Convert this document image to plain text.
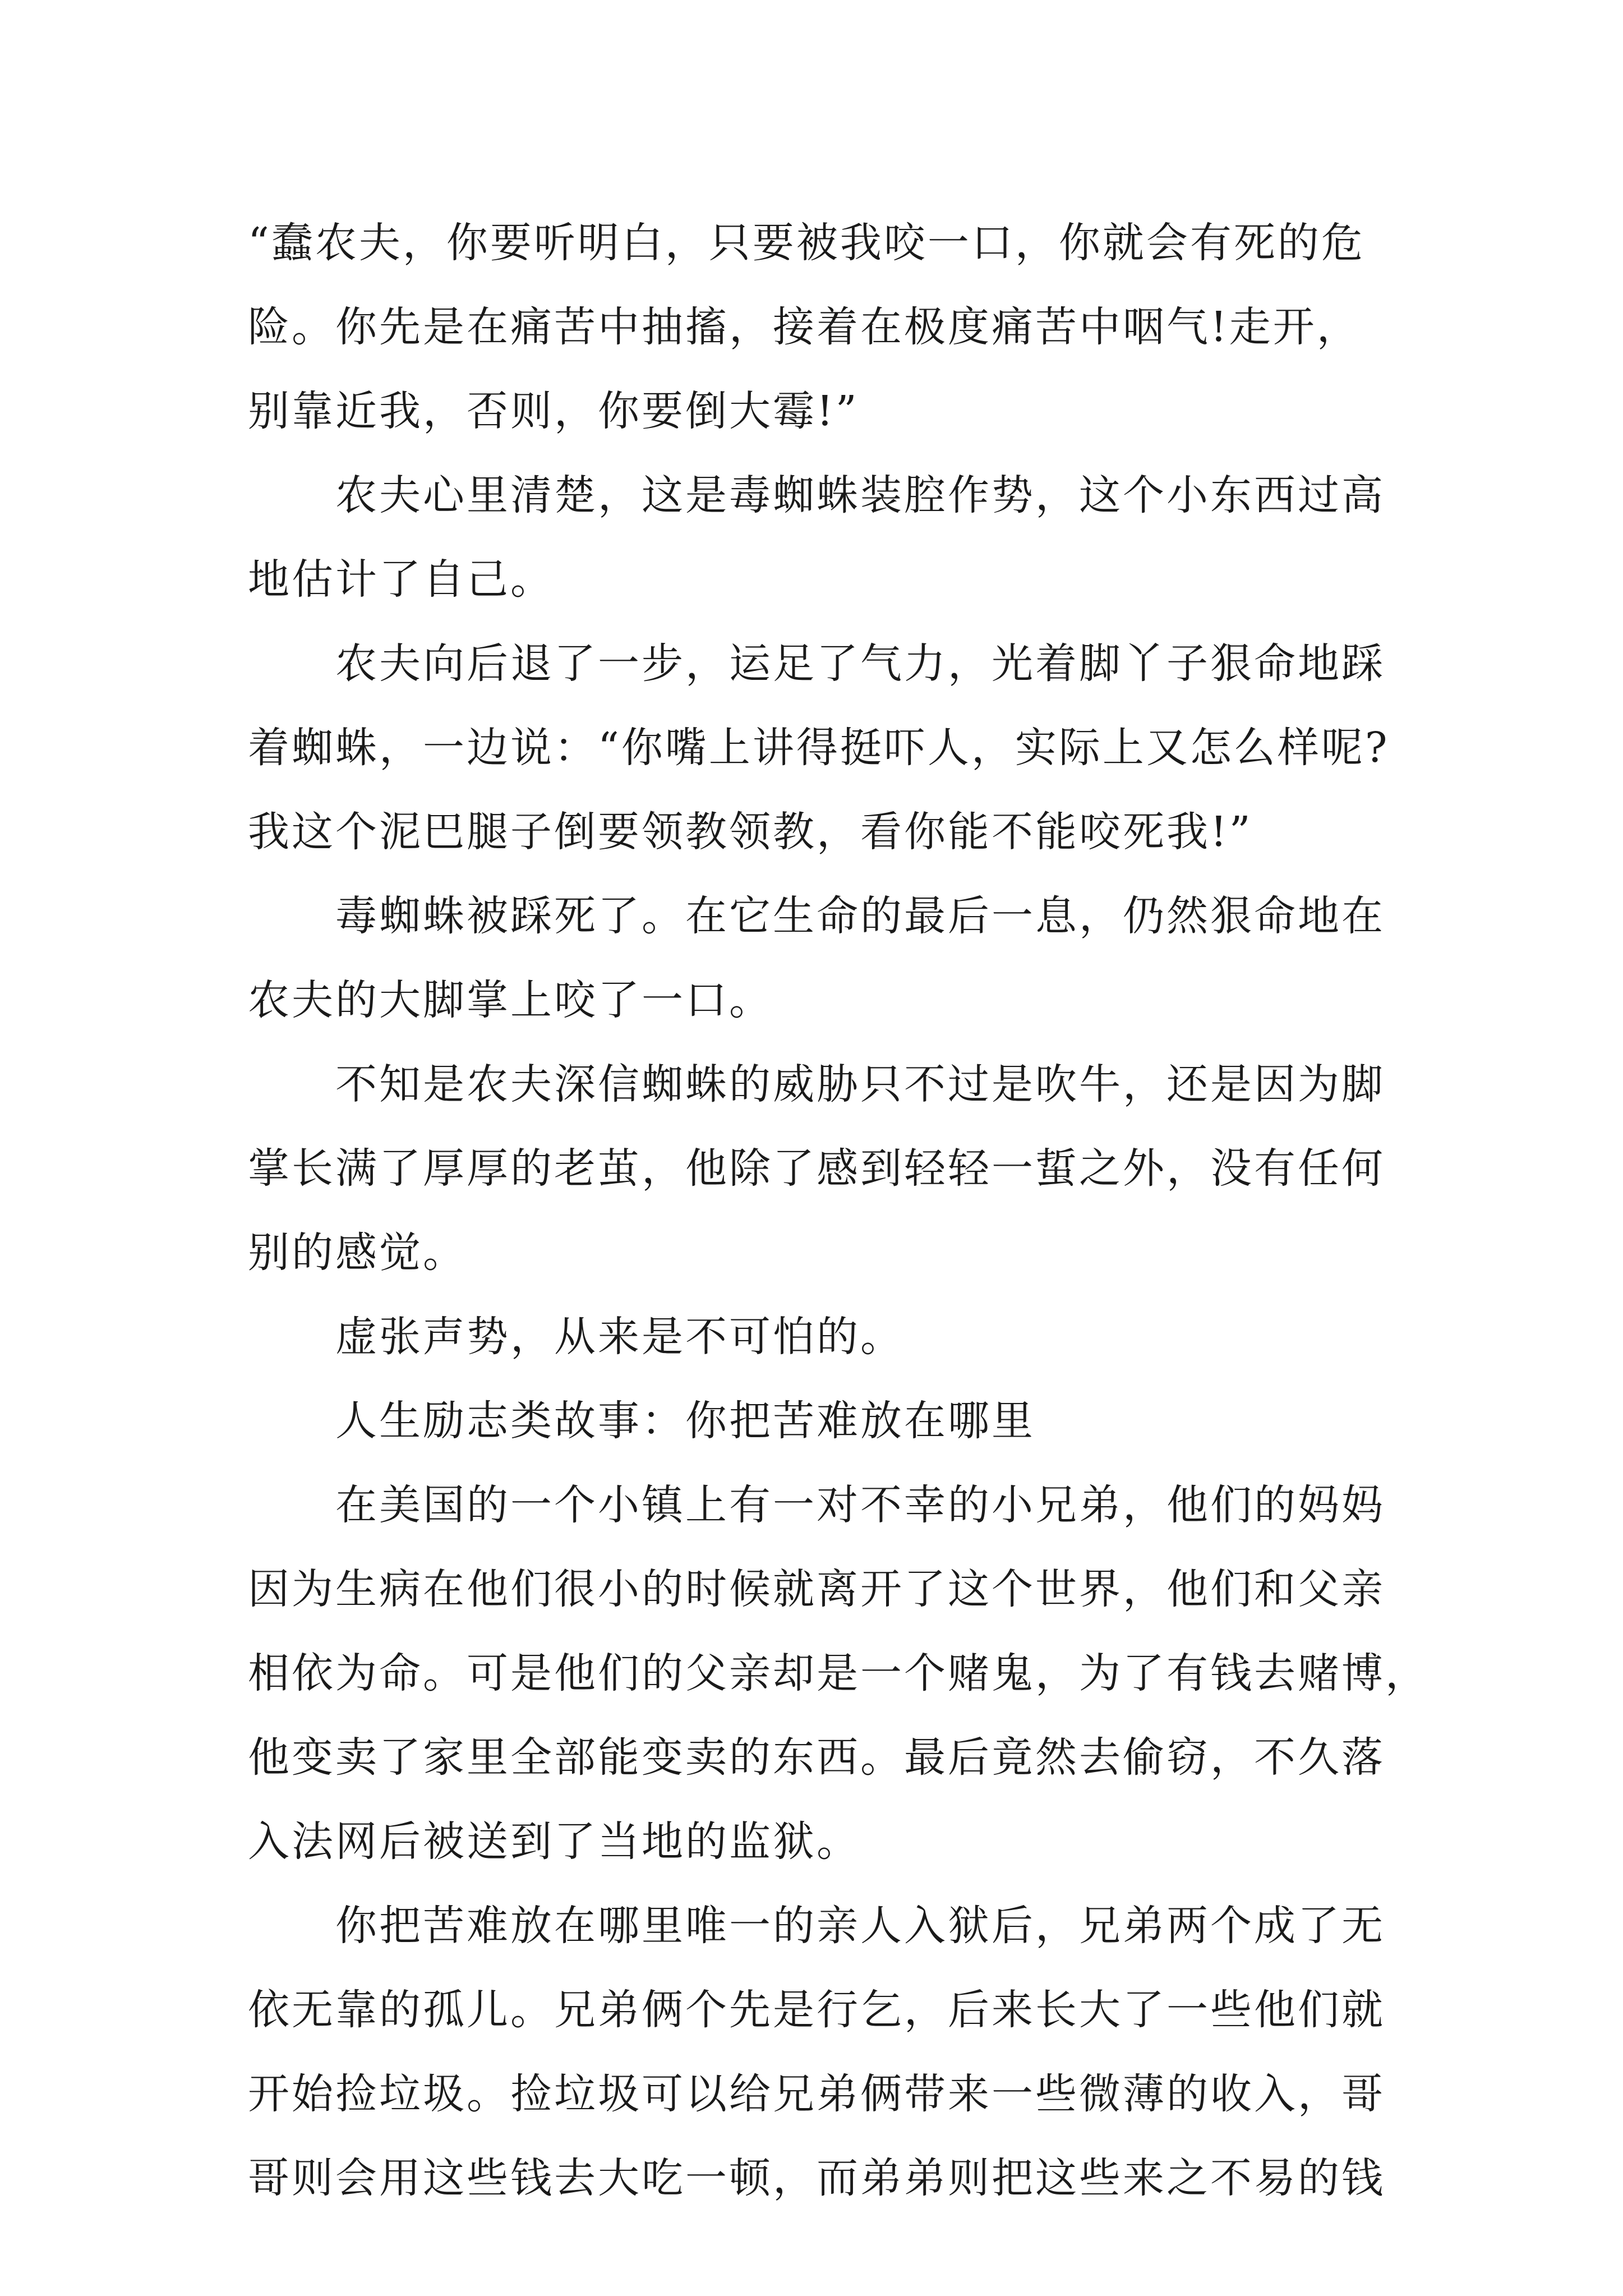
“蠢农夫，你要听明白，只要被我咬一口，你就会有死的危
险。你先是在痛苦中抽搐，接着在极度痛苦中咽气!走开，
别靠近我，否则，你要倒大霉!”
　　农夫心里清楚，这是毒蜘蛛装腔作势，这个小东西过高
地估计了自己。
　　农夫向后退了一步，运足了气力，光着脚丫子狠命地踩
着蜘蛛，一边说：“你嘴上讲得挺吓人，实际上又怎么样呢?
我这个泥巴腿子倒要领教领教，看你能不能咬死我!”
　　毒蜘蛛被踩死了。在它生命的最后一息，仍然狠命地在
农夫的大脚掌上咬了一口。
　　不知是农夫深信蜘蛛的威胁只不过是吹牛，还是因为脚
掌长满了厚厚的老茧，他除了感到轻轻一蜇之外，没有任何
别的感觉。
　　虚张声势，从来是不可怕的。
　　人生励志类故事：你把苦难放在哪里
　　在美国的一个小镇上有一对不幸的小兄弟，他们的妈妈
因为生病在他们很小的时候就离开了这个世界，他们和父亲
相依为命。可是他们的父亲却是一个赌鬼，为了有钱去赌博，
他变卖了家里全部能变卖的东西。最后竟然去偷窃，不久落
入法网后被送到了当地的监狱。
　　你把苦难放在哪里唯一的亲人入狱后，兄弟两个成了无
依无靠的孤儿。兄弟俩个先是行乞，后来长大了一些他们就
开始捡垃圾。捡垃圾可以给兄弟俩带来一些微薄的收入，哥
哥则会用这些钱去大吃一顿，而弟弟则把这些来之不易的钱
